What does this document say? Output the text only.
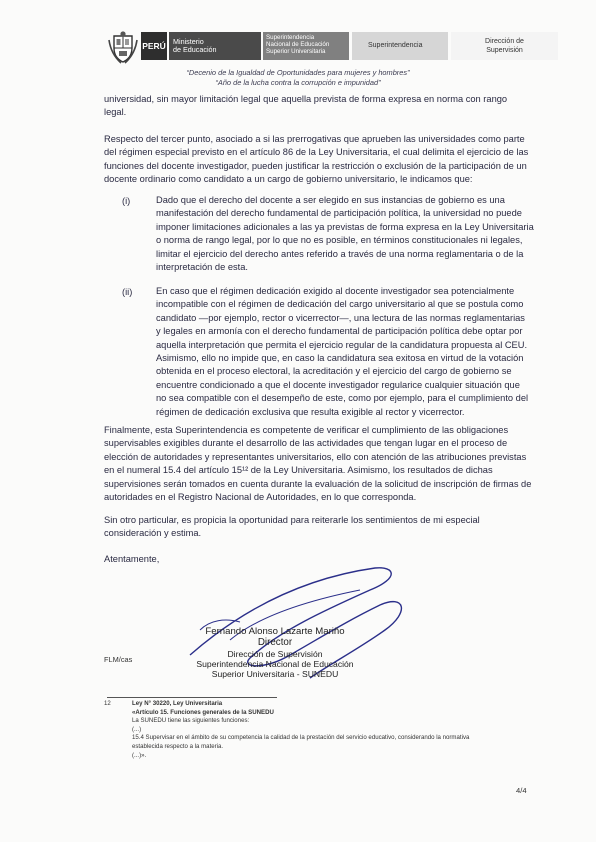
PERÚ Ministerio
de Educación
Superintendencia
Nacional de Educación
Superior Universitaria
Superintendencia
Dirección de
Supervisión
“Decenio de la Igualdad de Oportunidades para mujeres y hombres”
“Año de la lucha contra la corrupción e impunidad”
universidad, sin mayor limitación legal que aquella prevista de forma expresa en norma con rango
legal.
Respecto del tercer punto, asociado a si las prerrogativas que aprueben las universidades como parte
del régimen especial previsto en el artículo 86 de la Ley Universitaria, el cual delimita el ejercicio de las
funciones del docente investigador, pueden justificar la restricción o exclusión de la participación de un
docente ordinario como candidato a un cargo de gobierno universitario, le indicamos que:
(i)	Dado que el derecho del docente a ser elegido en sus instancias de gobierno es una
manifestación del derecho fundamental de participación política, la universidad no puede
imponer limitaciones adicionales a las ya previstas de forma expresa en la Ley Universitaria
o norma de rango legal, por lo que no es posible, en términos constitucionales ni legales,
limitar el ejercicio del derecho antes referido a través de una norma reglamentaria o de la
interpretación de esta.
(ii)	En caso que el régimen dedicación exigido al docente investigador sea potencialmente
incompatible con el régimen de dedicación del cargo universitario al que se postula como
candidato —por ejemplo, rector o vicerrector—, una lectura de las normas reglamentarias
y legales en armonía con el derecho fundamental de participación política debe optar por
aquella interpretación que permita el ejercicio regular de la candidatura propuesta al CEU.
Asimismo, ello no impide que, en caso la candidatura sea exitosa en virtud de la votación
obtenida en el proceso electoral, la acreditación y el ejercicio del cargo de gobierno se
encuentre condicionado a que el docente investigador regularice cualquier situación que
no sea compatible con el desempeño de este, como por ejemplo, para el cumplimiento del
régimen de dedicación exclusiva que resulta exigible al rector y vicerrector.
Finalmente, esta Superintendencia es competente de verificar el cumplimiento de las obligaciones
supervisables exigibles durante el desarrollo de las actividades que tengan lugar en el proceso de
elección de autoridades y representantes universitarios, ello con atención de las atribuciones previstas
en el numeral 15.4 del artículo 15¹² de la Ley Universitaria. Asimismo, los resultados de dichas
supervisiones serán tomados en cuenta durante la evaluación de la solicitud de inscripción de firmas de
autoridades en el Registro Nacional de Autoridades, en lo que corresponda.
Sin otro particular, es propicia la oportunidad para reiterarle los sentimientos de mi especial
consideración y estima.
Atentamente,
Fernando Alonso Lazarte Mariño
Director
Dirección de Supervisión
Superintendencia Nacional de Educación
Superior Universitaria - SUNEDU
FLM/cas
12	Ley N° 30220, Ley Universitaria
«Artículo 15. Funciones generales de la SUNEDU
La SUNEDU tiene las siguientes funciones:
(...)
15.4 Supervisar en el ámbito de su competencia la calidad de la prestación del servicio educativo, considerando la normativa
establecida respecto a la materia.
(...)».
4/4
